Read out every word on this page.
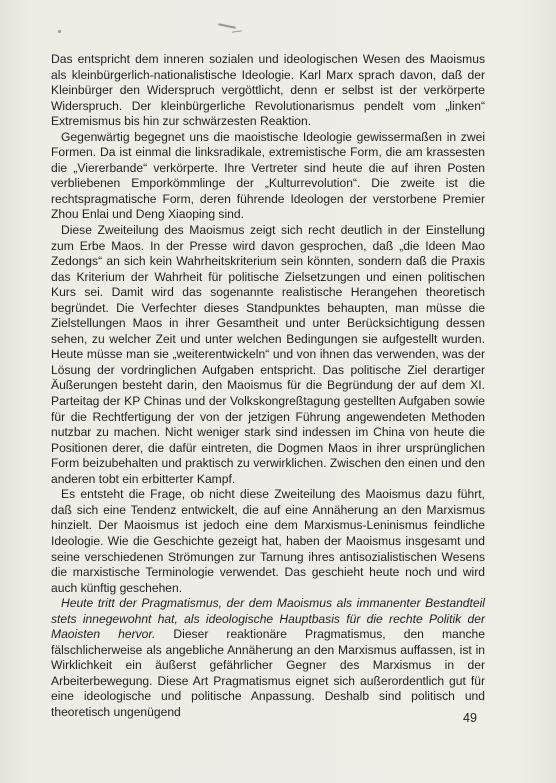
Das entspricht dem inneren sozialen und ideologischen Wesen des Maoismus als kleinbürgerlich-nationalistische Ideologie. Karl Marx sprach davon, daß der Kleinbürger den Widerspruch vergöttlicht, denn er selbst ist der verkörperte Widerspruch. Der kleinbürgerliche Revolutionarismus pendelt vom „linken“ Extremismus bis hin zur schwärzesten Reaktion.

Gegenwärtig begegnet uns die maoistische Ideologie gewissermaßen in zwei Formen. Da ist einmal die linksradikale, extremistische Form, die am krassesten die „Viererbande“ verkörperte. Ihre Vertreter sind heute die auf ihren Posten verbliebenen Emporkömmlinge der „Kulturrevolution“. Die zweite ist die rechtspragmatische Form, deren führende Ideologen der verstorbene Premier Zhou Enlai und Deng Xiaoping sind.

Diese Zweiteilung des Maoismus zeigt sich recht deutlich in der Einstellung zum Erbe Maos. In der Presse wird davon gesprochen, daß „die Ideen Mao Zedongs“ an sich kein Wahrheitskriterium sein könnten, sondern daß die Praxis das Kriterium der Wahrheit für politische Zielsetzungen und einen politischen Kurs sei. Damit wird das sogenannte realistische Herangehen theoretisch begründet. Die Verfechter dieses Standpunktes behaupten, man müsse die Zielstellungen Maos in ihrer Gesamtheit und unter Berücksichtigung dessen sehen, zu welcher Zeit und unter welchen Bedingungen sie aufgestellt wurden. Heute müsse man sie „weiterentwickeln“ und von ihnen das verwenden, was der Lösung der vordringlichen Aufgaben entspricht. Das politische Ziel derartiger Äußerungen besteht darin, den Maoismus für die Begründung der auf dem XI. Parteitag der KP Chinas und der Volkskongreßtagung gestellten Aufgaben sowie für die Rechtfertigung der von der jetzigen Führung angewendeten Methoden nutzbar zu machen. Nicht weniger stark sind indessen im China von heute die Positionen derer, die dafür eintreten, die Dogmen Maos in ihrer ursprünglichen Form beizubehalten und praktisch zu verwirklichen. Zwischen den einen und den anderen tobt ein erbitterter Kampf.

Es entsteht die Frage, ob nicht diese Zweiteilung des Maoismus dazu führt, daß sich eine Tendenz entwickelt, die auf eine Annäherung an den Marxismus hinzielt. Der Maoismus ist jedoch eine dem Marxismus-Leninismus feindliche Ideologie. Wie die Geschichte gezeigt hat, haben der Maoismus insgesamt und seine verschiedenen Strömungen zur Tarnung ihres antisozialistischen Wesens die marxistische Terminologie verwendet. Das geschieht heute noch und wird auch künftig geschehen.

Heute tritt der Pragmatismus, der dem Maoismus als immanenter Bestandteil stets innegewohnt hat, als ideologische Hauptbasis für die rechte Politik der Maoisten hervor. Dieser reaktionäre Pragmatismus, den manche fälschlicherweise als angebliche Annäherung an den Marxismus auffassen, ist in Wirklichkeit ein äußerst gefährlicher Gegner des Marxismus in der Arbeiterbewegung. Diese Art Pragmatismus eignet sich außerordentlich gut für eine ideologische und politische Anpassung. Deshalb sind politisch und theoretisch ungenügend	49
